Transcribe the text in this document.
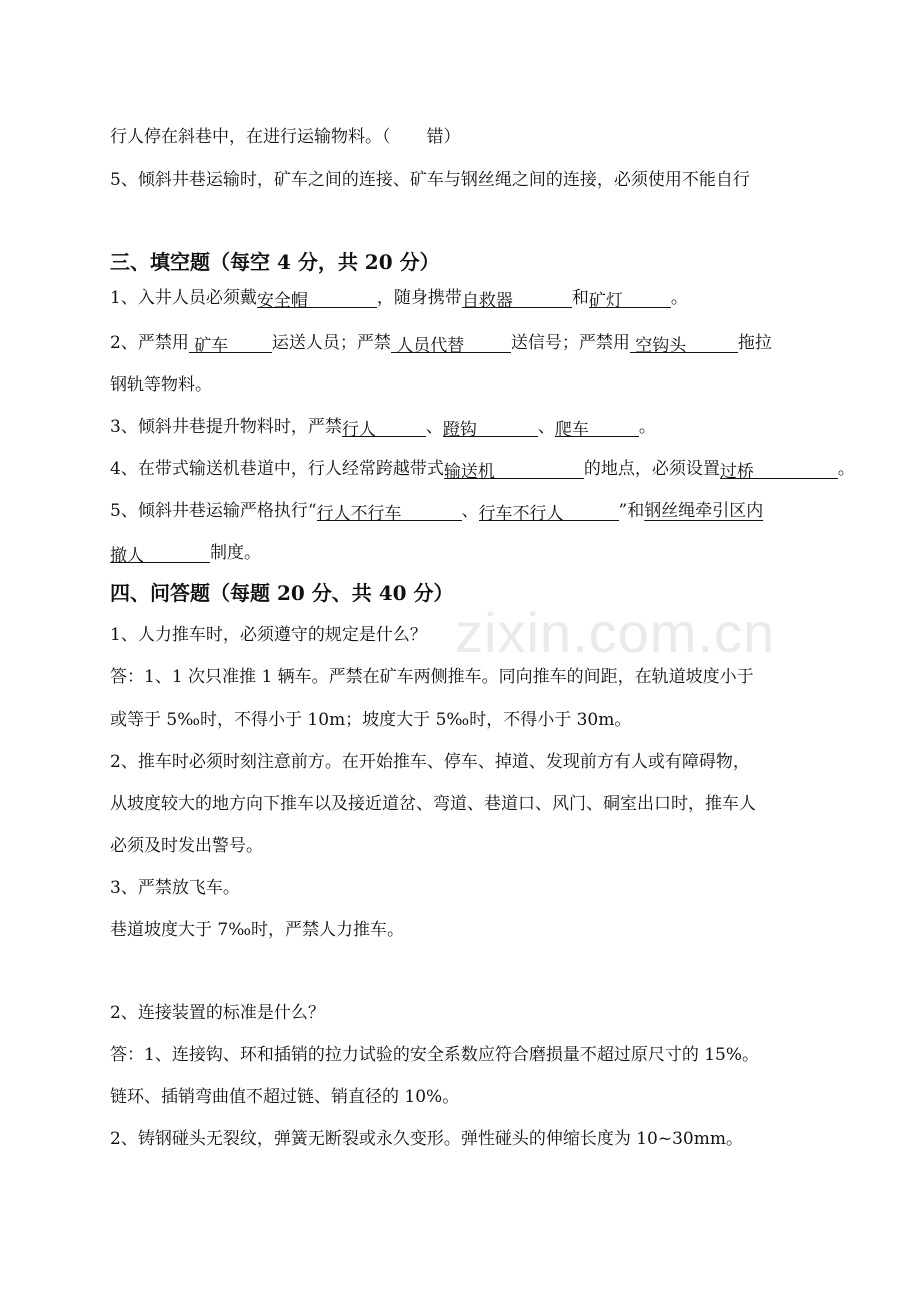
zixin.com.cn
行人停在斜巷中，在进行运输物料。（ 错）
5、倾斜井巷运输时，矿车之间的连接、矿车与钢丝绳之间的连接，必须使用不能自行
三、填空题（每空 4 分，共 20 分）
1、入井人员必须戴安全帽	，随身携带自救器	和矿灯	。
2、严禁用 矿车	运送人员；严禁 人员代替	送信号；严禁用 空钩头	拖拉
钢轨等物料。
3、倾斜井巷提升物料时，严禁行人	、蹬钩	、爬车	。
4、在带式输送机巷道中，行人经常跨越带式输送机	的地点，必须设置过桥	。
5、倾斜井巷运输严格执行“行人不行车	、行车不行人	”和钢丝绳牵引区内
撤人	制度。
四、问答题（每题 20 分、共 40 分）
1、人力推车时，必须遵守的规定是什么？
答：1、1 次只准推 1 辆车。严禁在矿车两侧推车。同向推车的间距，在轨道坡度小于
或等于 5‰时，不得小于 10m；坡度大于 5‰时，不得小于 30m。
2、推车时必须时刻注意前方。在开始推车、停车、掉道、发现前方有人或有障碍物，
从坡度较大的地方向下推车以及接近道岔、弯道、巷道口、风门、硐室出口时，推车人
必须及时发出警号。
3、严禁放飞车。
巷道坡度大于 7‰时，严禁人力推车。
2、连接装置的标准是什么？
答：1、连接钩、环和插销的拉力试验的安全系数应符合磨损量不超过原尺寸的 15%。
链环、插销弯曲值不超过链、销直径的 10%。
2、铸钢碰头无裂纹，弹簧无断裂或永久变形。弹性碰头的伸缩长度为 10~30mm。
